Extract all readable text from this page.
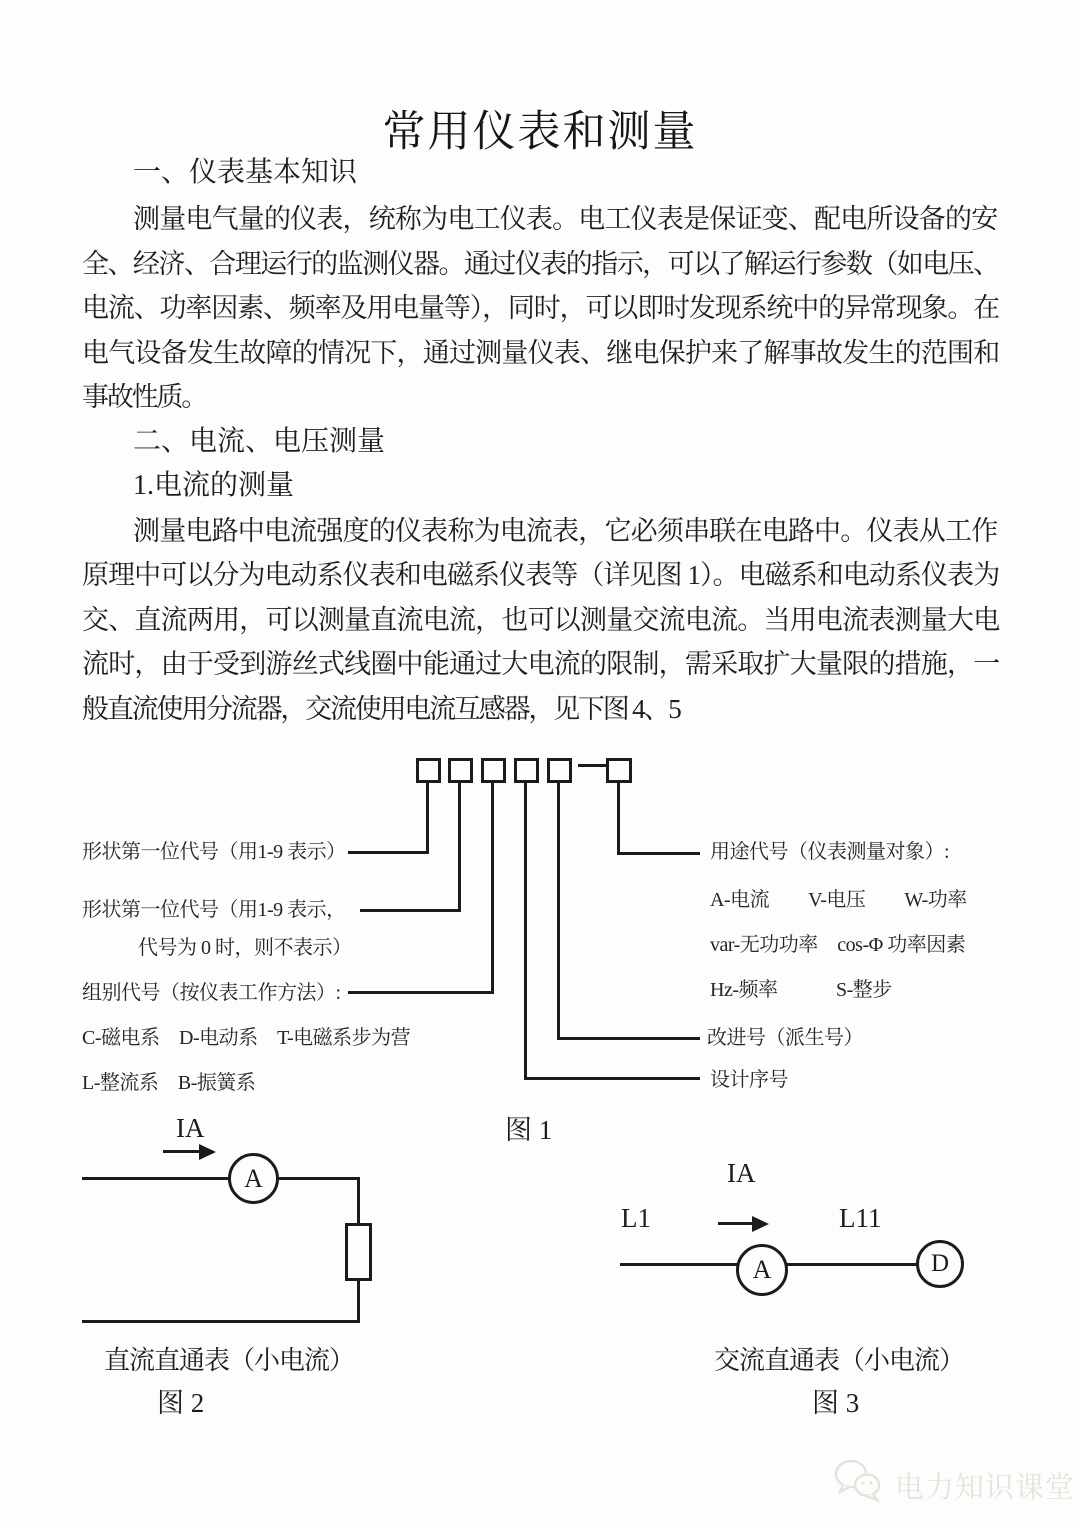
常用仪表和测量
一、仪表基本知识
测量电气量的仪表，统称为电工仪表。电工仪表是保证变、配电所设备的安
全、经济、合理运行的监测仪器。通过仪表的指示，可以了解运行参数（如电压、
电流、功率因素、频率及用电量等），同时，可以即时发现系统中的异常现象。在
电气设备发生故障的情况下，通过测量仪表、继电保护来了解事故发生的范围和
事故性质。
二、电流、电压测量
1.电流的测量
测量电路中电流强度的仪表称为电流表，它必须串联在电路中。仪表从工作
原理中可以分为电动系仪表和电磁系仪表等（详见图 1）。电磁系和电动系仪表为
交、直流两用，可以测量直流电流，也可以测量交流电流。当用电流表测量大电
流时，由于受到游丝式线圈中能通过大电流的限制，需采取扩大量限的措施，一
般直流使用分流器，交流使用电流互感器，见下图 4、5
形状第一位代号（用1-9 表示）
形状第一位代号（用1-9 表示，
代号为 0 时，则不表示）
组别代号（按仪表工作方法）:
C-磁电系　D-电动系　T-电磁系步为营
L-整流系　B-振簧系
用途代号（仪表测量对象）:
A-电流　　V-电压　　W-功率
var-无功功率　cos-Φ 功率因素
Hz-频率　　　S-整步
改进号（派生号）
设计序号
图 1
IA
A
直流直通表（小电流）
图 2
IA
L1	L11
A	D
交流直通表（小电流）
图 3
电力知识课堂
